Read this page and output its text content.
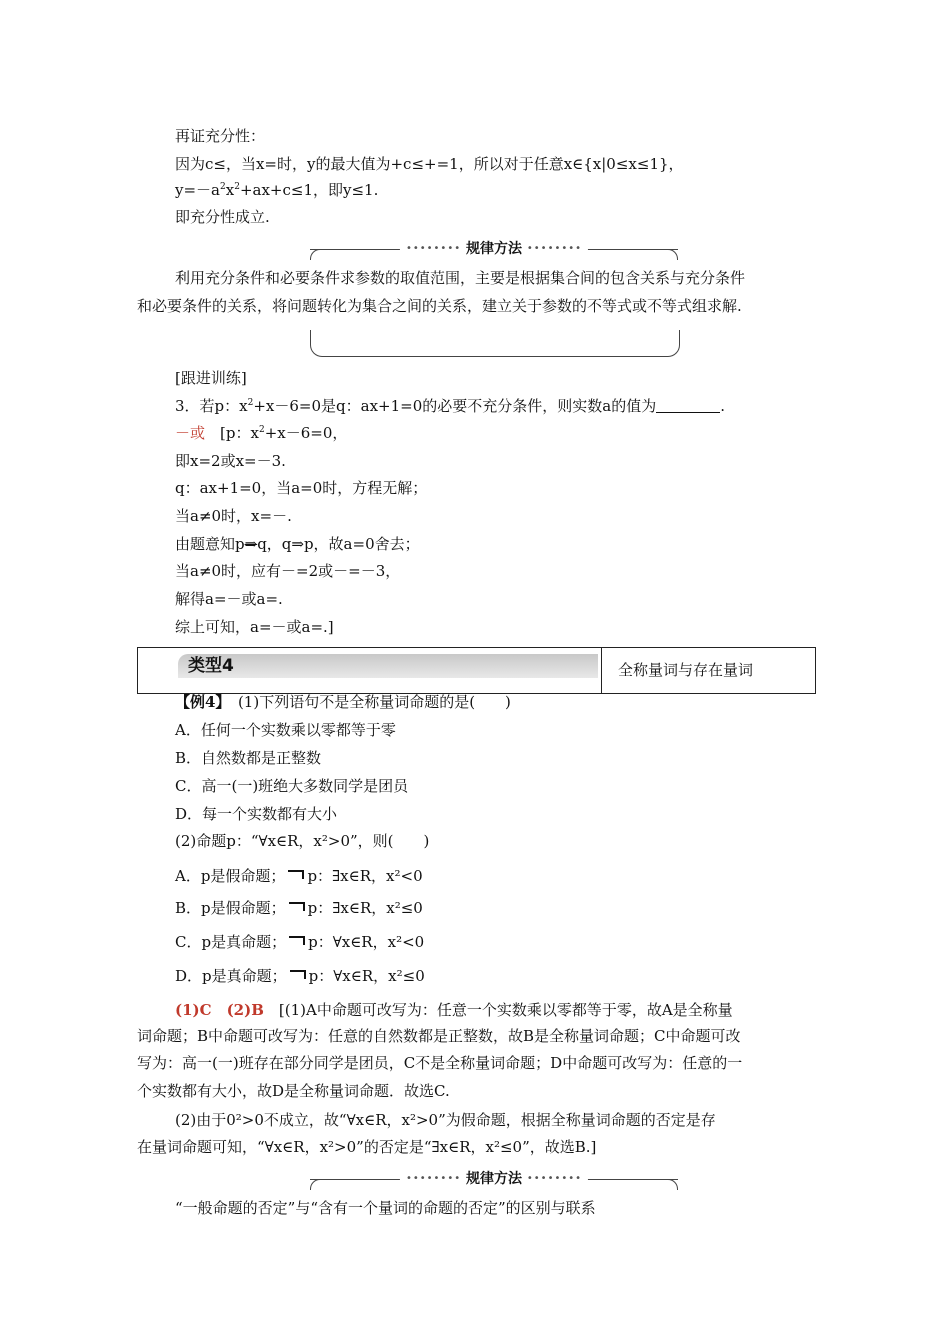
再证充分性：
因为c≤，当x=时，y的最大值为+c≤+=1，所以对于任意x∈{x|0≤x≤1}，
$y=-a^2x^2+ax+c\le 1$，即y≤1.
即充分性成立.
•••••••• 规律方法 ••••••••
利用充分条件和必要条件求参数的取值范围，主要是根据集合间的包含关系与充分条件
和必要条件的关系，将问题转化为集合之间的关系，建立关于参数的不等式或不等式组求解.
[跟进训练]
3．若p：$x^2+x-6=0$是q：ax+1=0的必要不充分条件，则实数a的值为	.
－或　 [p：$x^2+x-6=0$，
即x=2或x=－3.
q：ax+1=0，当a=0时，方程无解；
当a≠0时，x=－.
由题意知p⇒q，q⇒p，故a=0舍去；
当a≠0时，应有－=2或－=－3，
解得a=－或a=.
综上可知，a=－或a=.]
类型4	全称量词与存在量词
【例4】　 (1)下列语句不是全称量词命题的是(　　)
A．任何一个实数乘以零都等于零
B．自然数都是正整数
C．高一(一)班绝大多数同学是团员
D．每一个实数都有大小
(2)命题p：“∀x∈R，x²>0”，则(　　)
A．p是假命题； p：∃x∈R，x²<0
B．p是假命题； p：∃x∈R，x²≤0
C．p是真命题； p：∀x∈R，x²<0
D．p是真命题； p：∀x∈R，x²≤0
(1)C　(2)B　 [(1)A中命题可改写为：任意一个实数乘以零都等于零，故A是全称量
词命题；B中命题可改写为：任意的自然数都是正整数，故B是全称量词命题；C中命题可改
写为：高一(一)班存在部分同学是团员，C不是全称量词命题；D中命题可改写为：任意的一
个实数都有大小，故D是全称量词命题．故选C.
(2)由于0²>0不成立，故“∀x∈R，x²>0”为假命题，根据全称量词命题的否定是存
在量词命题可知，“∀x∈R，x²>0”的否定是“∃x∈R，x²≤0”，故选B.]
•••••••• 规律方法 ••••••••
“一般命题的否定”与“含有一个量词的命题的否定”的区别与联系
